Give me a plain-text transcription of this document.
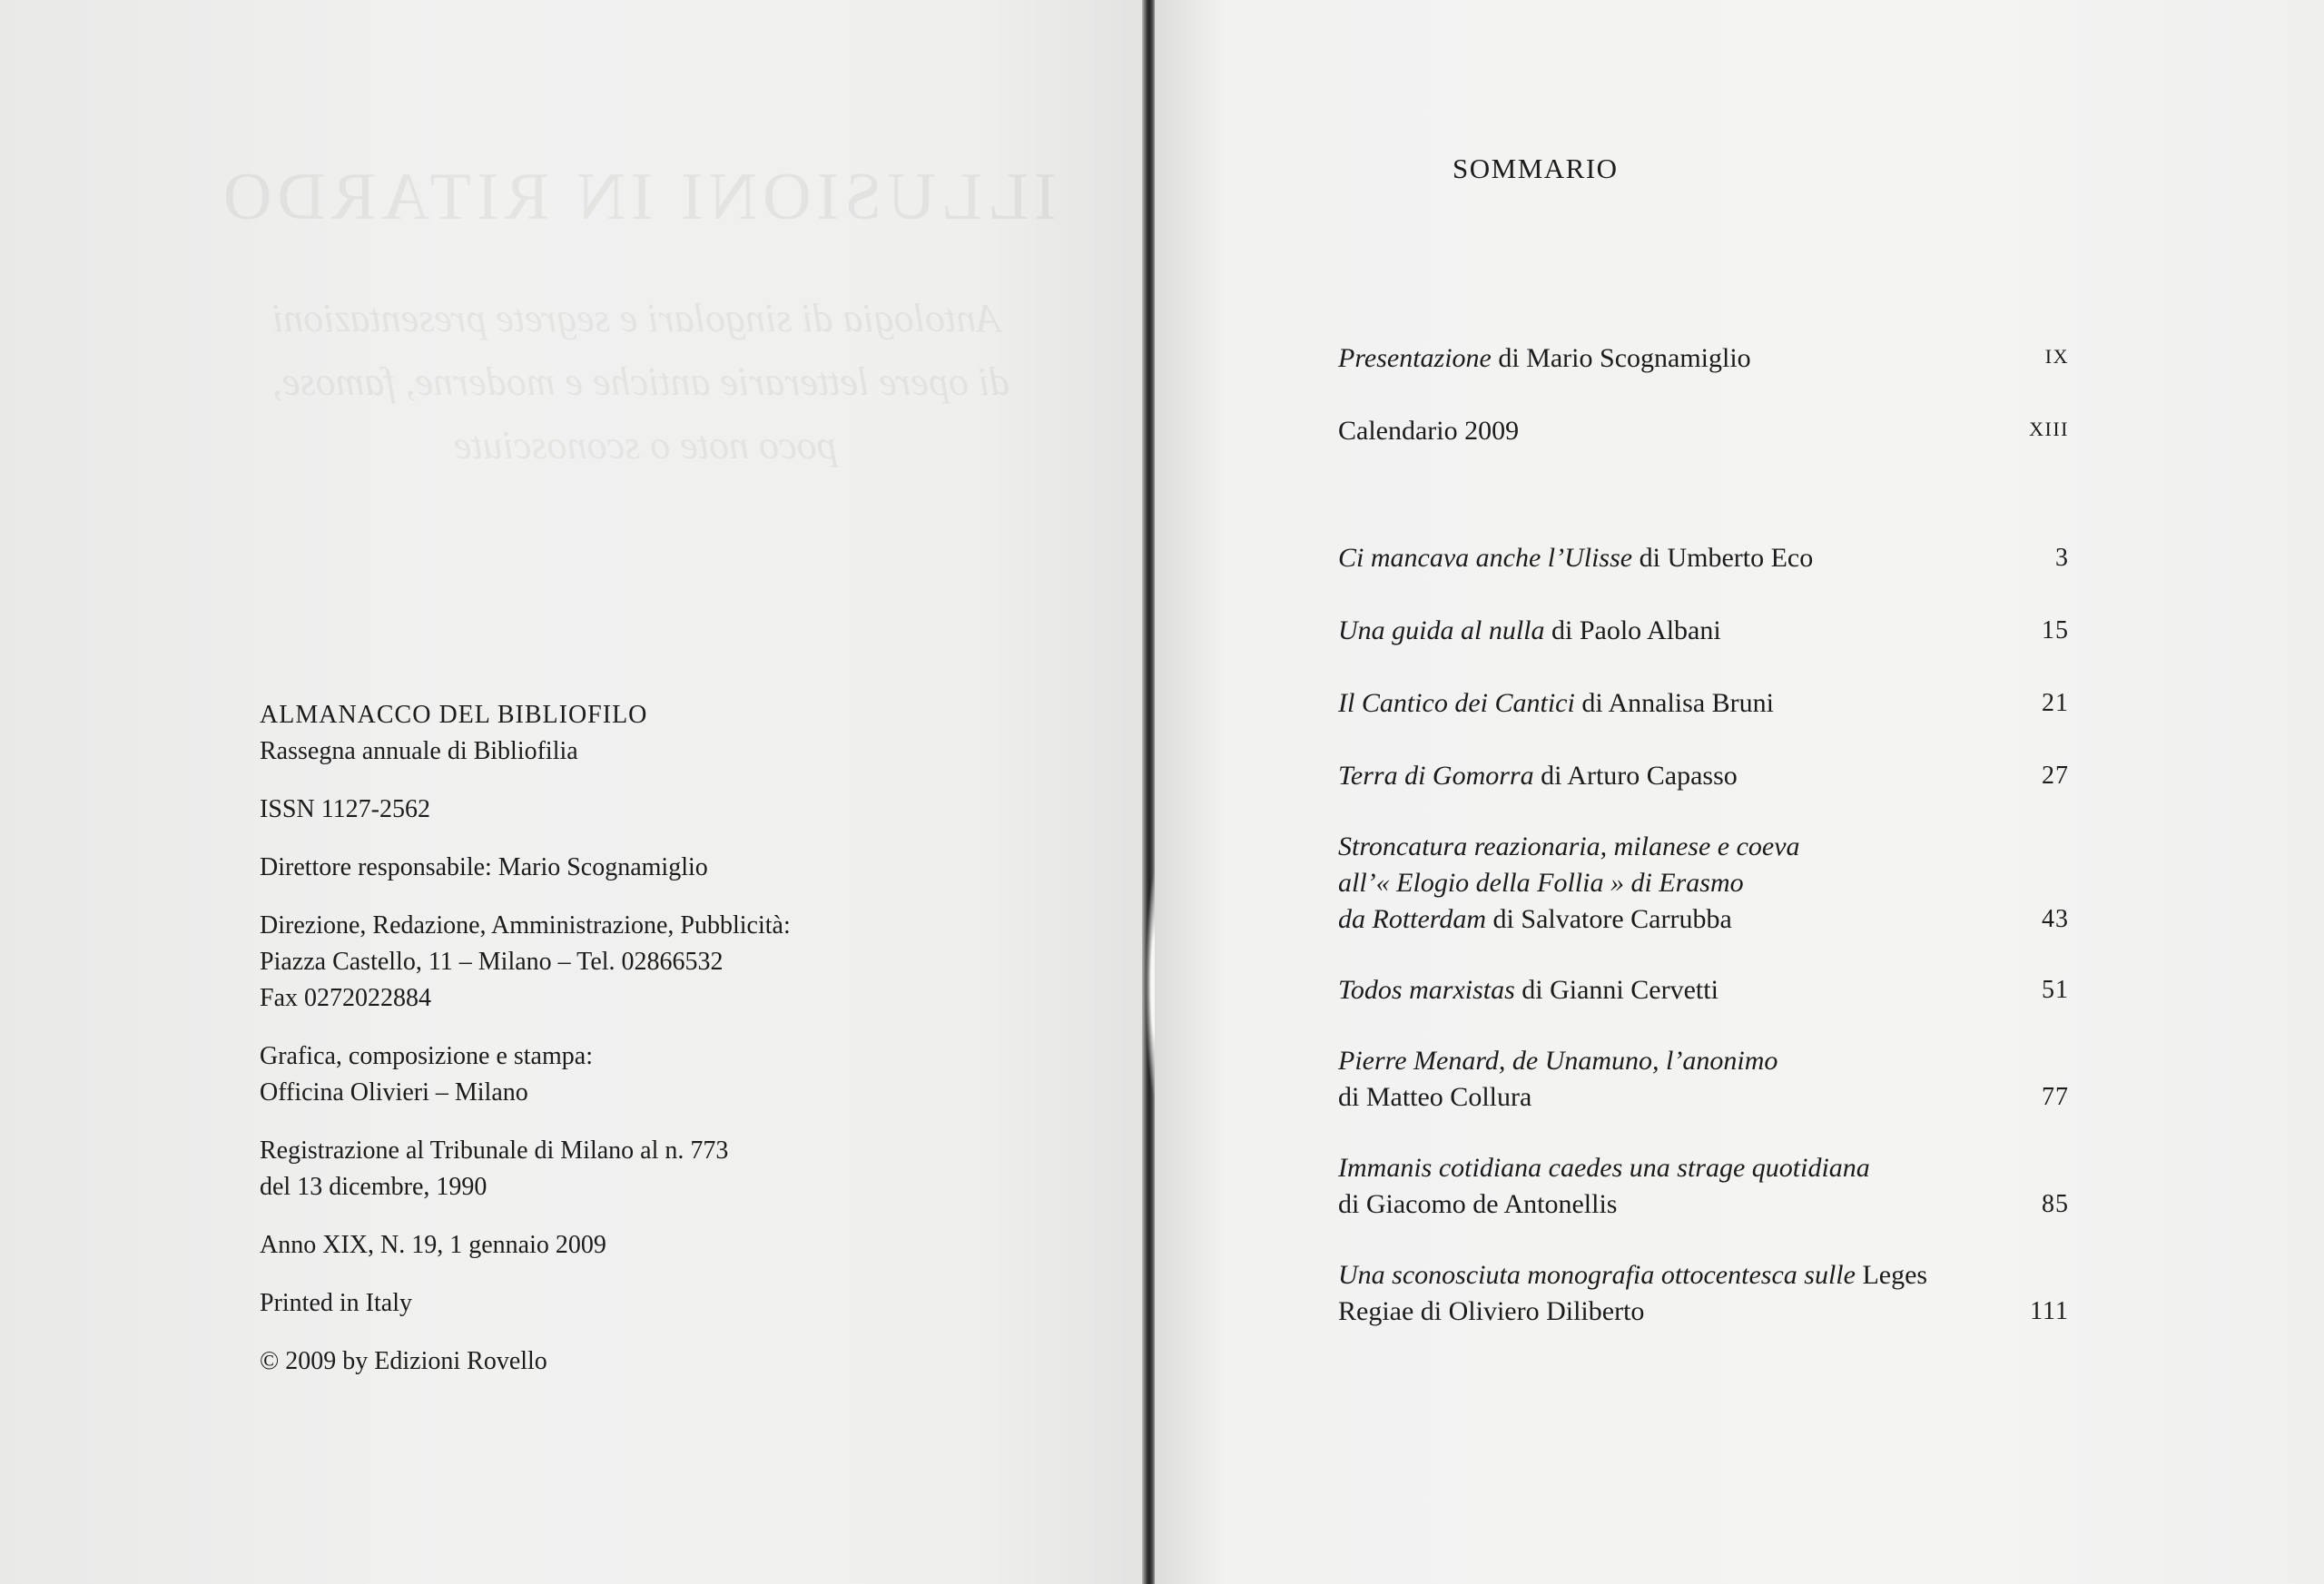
ILLUSIONI IN RITARDO
Antologia di singolari e segrete presentazioni
di opere letterarie antiche e moderne, famose,
poco note o sconosciute
ALMANACCO DEL BIBLIOFILO
Rassegna annuale di Bibliofilia
ISSN 1127-2562
Direttore responsabile: Mario Scognamiglio
Direzione, Redazione, Amministrazione, Pubblicità:
Piazza Castello, 11 – Milano – Tel. 02866532
Fax 0272022884
Grafica, composizione e stampa:
Officina Olivieri – Milano
Registrazione al Tribunale di Milano al n. 773
del 13 dicembre, 1990
Anno XIX, N. 19, 1 gennaio 2009
Printed in Italy
© 2009 by Edizioni Rovello
SOMMARIO
Presentazione di Mario Scognamiglio	IX
Calendario 2009	XIII
Ci mancava anche l’Ulisse di Umberto Eco	3
Una guida al nulla di Paolo Albani	15
Il Cantico dei Cantici di Annalisa Bruni	21
Terra di Gomorra di Arturo Capasso	27
Stroncatura reazionaria, milanese e coeva
all’« Elogio della Follia » di Erasmo
da Rotterdam di Salvatore Carrubba	43
Todos marxistas di Gianni Cervetti	51
Pierre Menard, de Unamuno, l’anonimo
di Matteo Collura	77
Immanis cotidiana caedes una strage quotidiana
di Giacomo de Antonellis	85
Una sconosciuta monografia ottocentesca sulle Leges
Regiae di Oliviero Diliberto	111
